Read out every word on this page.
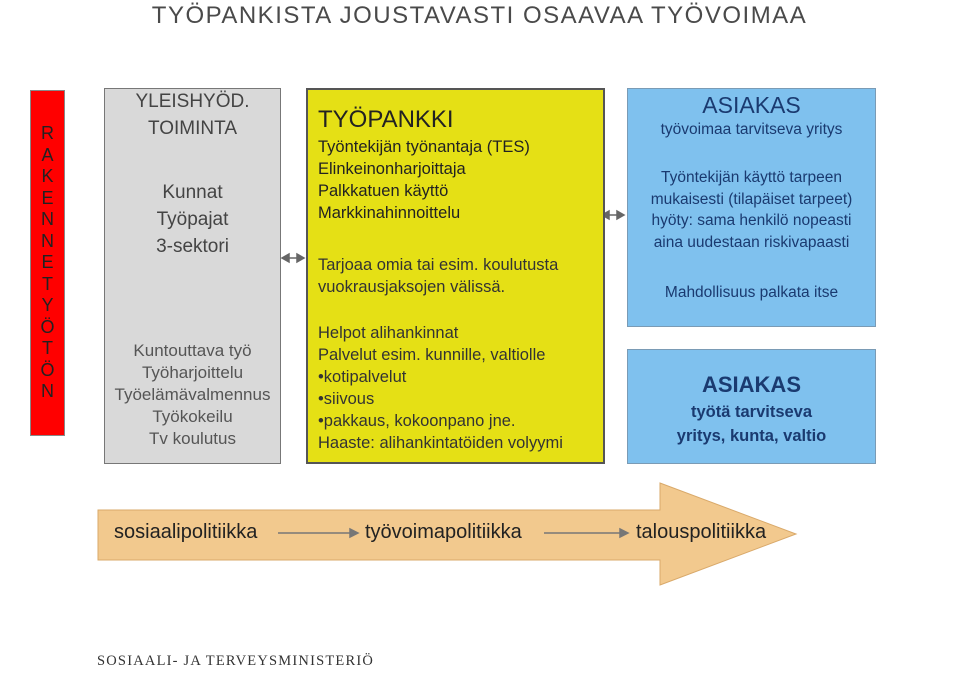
TYÖPANKISTA JOUSTAVASTI OSAAVAA TYÖVOIMAA
R
A
K
E
N
N
E
T
Y
Ö
T
Ö
N
YLEISHYÖD.
TOIMINTA
Kunnat
Työpajat
3-sektori
Kuntouttava työ
Työharjoittelu
Työelämävalmennus
Työkokeilu
Tv koulutus
TYÖPANKKI
Työntekijän työnantaja (TES)
Elinkeinonharjoittaja
Palkkatuen käyttö
Markkinahinnoittelu
Tarjoaa omia tai esim. koulutusta
vuokrausjaksojen välissä.
Helpot alihankinnat
Palvelut esim. kunnille, valtiolle
•kotipalvelut
•siivous
•pakkaus, kokoonpano jne.
Haaste: alihankintatöiden volyymi
ASIAKAS
työvoimaa tarvitseva yritys
Työntekijän käyttö tarpeen
mukaisesti (tilapäiset tarpeet)
hyöty: sama henkilö nopeasti
aina uudestaan riskivapaasti
Mahdollisuus palkata itse
ASIAKAS
työtä tarvitseva
yritys, kunta, valtio
sosiaalipolitiikka	työvoimapolitiikka	talouspolitiikka
SOSIAALI- JA TERVEYSMINISTERIÖ
